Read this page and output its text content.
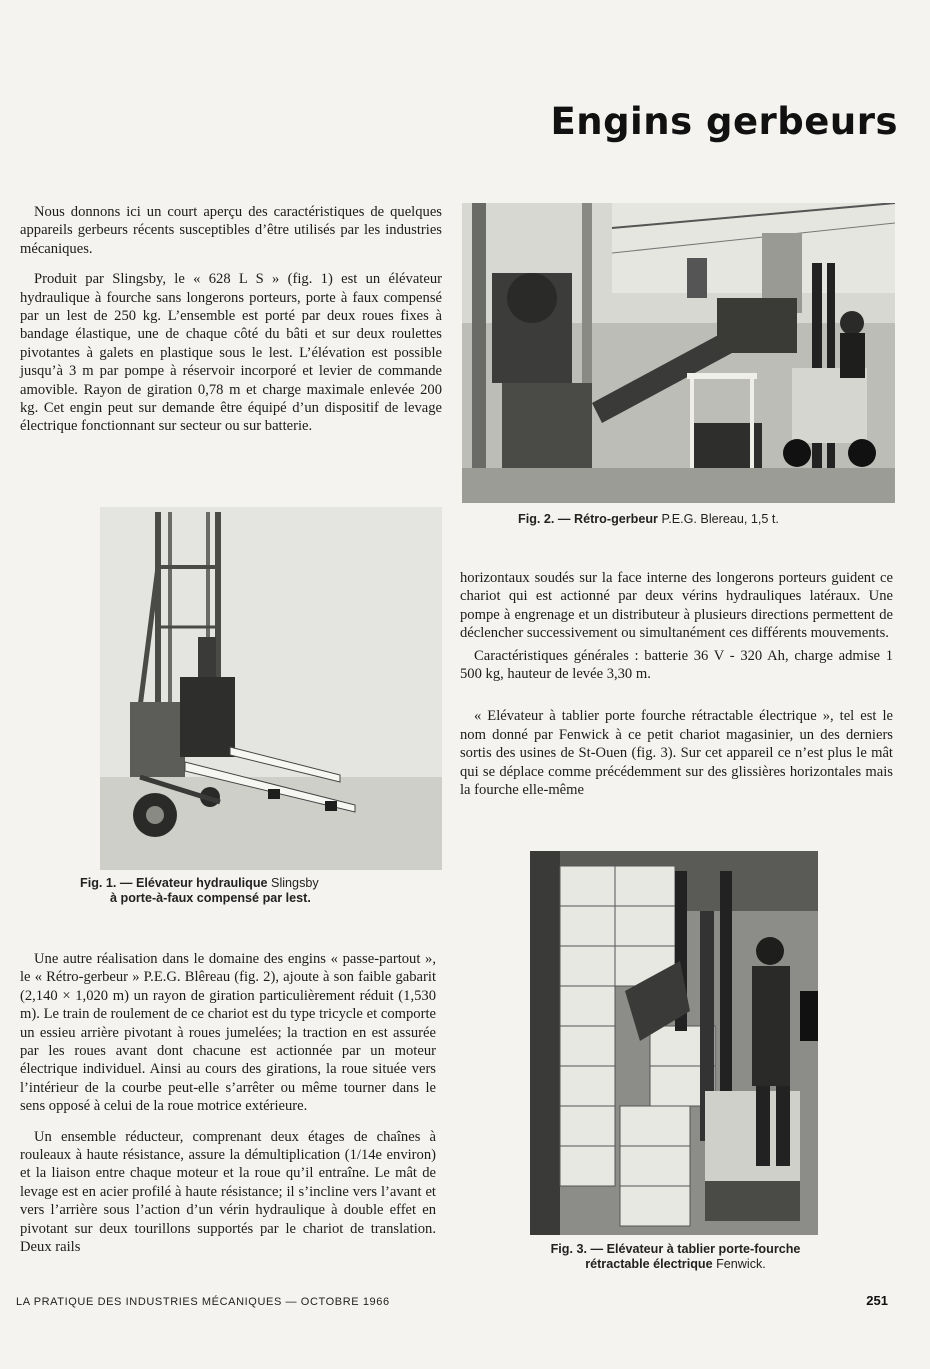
Engins gerbeurs

Nous donnons ici un court aperçu des caractéristiques de quelques appareils gerbeurs récents susceptibles d’être utilisés par les industries mécaniques.

Produit par Slingsby, le « 628 L S » (fig. 1) est un élévateur hydraulique à fourche sans longerons porteurs, porte à faux compensé par un lest de 250 kg. L’ensemble est porté par deux roues fixes à bandage élastique, une de chaque côté du bâti et sur deux roulettes pivotantes à galets en plastique sous le lest. L’élévation est possible jusqu’à 3 m par pompe à réservoir incorporé et levier de commande amovible. Rayon de giration 0,78 m et charge maximale enlevée 200 kg. Cet engin peut sur demande être équipé d’un dispositif de levage électrique fonctionnant sur secteur ou sur batterie.

Fig. 2. — Rétro-gerbeur P.E.G. Blereau, 1,5 t.
Fig. 1. — Elévateur hydraulique Slingsby
à porte-à-faux compensé par lest.

horizontaux soudés sur la face interne des longerons porteurs guident ce chariot qui est actionné par deux vérins hydrauliques latéraux. Une pompe à engrenage et un distributeur à plusieurs directions permettent de déclencher successivement ou simultanément ces différents mouvements.

Caractéristiques générales : batterie 36 V - 320 Ah, charge admise 1 500 kg, hauteur de levée 3,30 m.

« Elévateur à tablier porte fourche rétractable électrique », tel est le nom donné par Fenwick à ce petit chariot magasinier, un des derniers sortis des usines de St-Ouen (fig. 3). Sur cet appareil ce n’est plus le mât qui se déplace comme précédemment sur des glissières horizontales mais la fourche elle-même

Une autre réalisation dans le domaine des engins « passe-partout », le « Rétro-gerbeur » P.E.G. Blêreau (fig. 2), ajoute à son faible gabarit (2,140 × 1,020 m) un rayon de giration particulièrement réduit (1,530 m). Le train de roulement de ce chariot est du type tricycle et comporte un essieu arrière pivotant à roues jumelées; la traction en est assurée par les roues avant dont chacune est actionnée par un moteur électrique individuel. Ainsi au cours des girations, la roue située vers l’intérieur de la courbe peut-elle s’arrêter ou même tourner dans le sens opposé à celui de la roue motrice extérieure.

Un ensemble réducteur, comprenant deux étages de chaînes à rouleaux à haute résistance, assure la démultiplication (1/14e environ) et la liaison entre chaque moteur et la roue qu’il entraîne. Le mât de levage est en acier profilé à haute résistance; il s’incline vers l’avant et vers l’arrière sous l’action d’un vérin hydraulique à double effet en pivotant sur deux tourillons supportés par le chariot de translation. Deux rails	Fig. 3. — Elévateur à tablier porte-fourche
rétractable électrique Fenwick.
LA PRATIQUE DES INDUSTRIES MÉCANIQUES — OCTOBRE 1966	251
